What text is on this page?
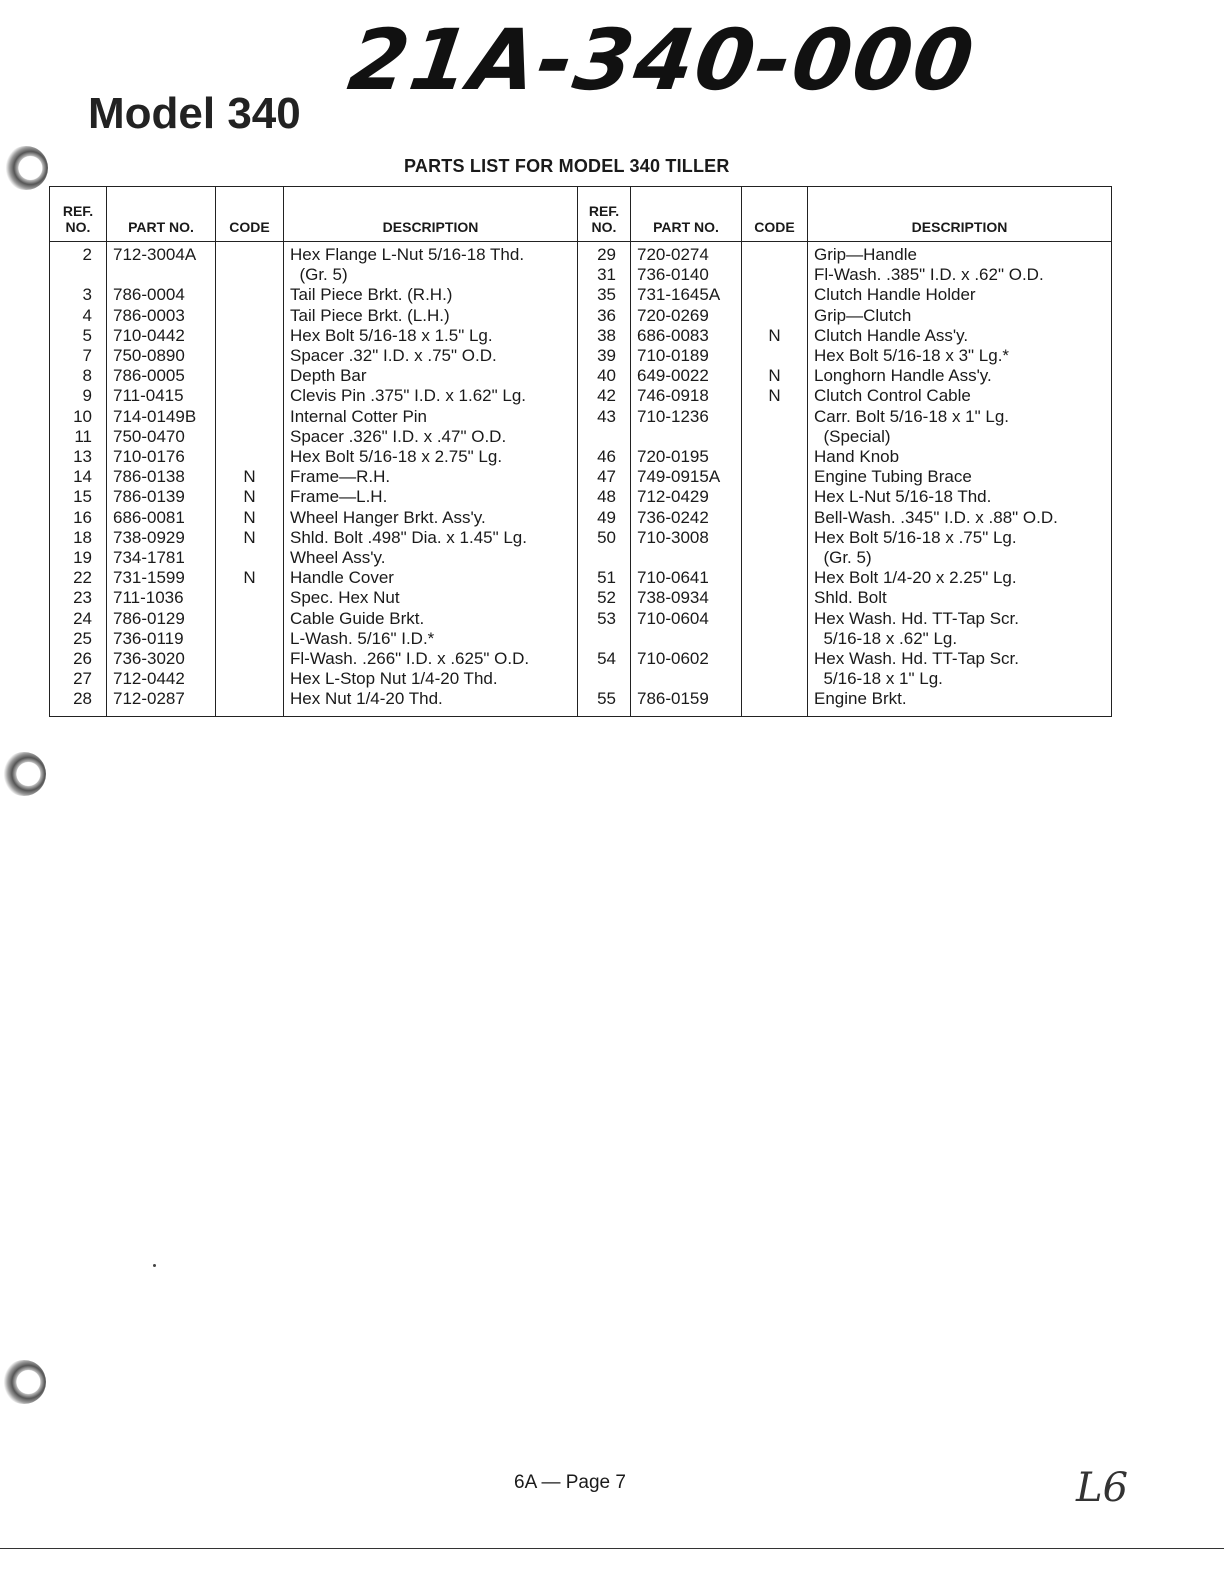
21A-340-000
Model 340
PARTS LIST FOR MODEL 340 TILLER
REF. NO.	PART NO.	CODE	DESCRIPTION	REF. NO.	PART NO.	CODE	DESCRIPTION
2	712-3004A		Hex Flange L-Nut 5/16-18 Thd.	29	720-0274		Grip—Handle
			(Gr. 5)	31	736-0140		Fl-Wash. .385" I.D. x .62" O.D.
3	786-0004		Tail Piece Brkt. (R.H.)	35	731-1645A		Clutch Handle Holder
4	786-0003		Tail Piece Brkt. (L.H.)	36	720-0269		Grip—Clutch
5	710-0442		Hex Bolt 5/16-18 x 1.5" Lg.	38	686-0083	N	Clutch Handle Ass'y.
7	750-0890		Spacer .32" I.D. x .75" O.D.	39	710-0189		Hex Bolt 5/16-18 x 3" Lg.*
8	786-0005		Depth Bar	40	649-0022	N	Longhorn Handle Ass'y.
9	711-0415		Clevis Pin .375" I.D. x 1.62" Lg.	42	746-0918	N	Clutch Control Cable
10	714-0149B		Internal Cotter Pin	43	710-1236		Carr. Bolt 5/16-18 x 1" Lg.
11	750-0470		Spacer .326" I.D. x .47" O.D.				(Special)
13	710-0176		Hex Bolt 5/16-18 x 2.75" Lg.	46	720-0195		Hand Knob
14	786-0138	N	Frame—R.H.	47	749-0915A		Engine Tubing Brace
15	786-0139	N	Frame—L.H.	48	712-0429		Hex L-Nut 5/16-18 Thd.
16	686-0081	N	Wheel Hanger Brkt. Ass'y.	49	736-0242		Bell-Wash. .345" I.D. x .88" O.D.
18	738-0929	N	Shld. Bolt .498" Dia. x 1.45" Lg.	50	710-3008		Hex Bolt 5/16-18 x .75" Lg.
19	734-1781		Wheel Ass'y.				(Gr. 5)
22	731-1599	N	Handle Cover	51	710-0641		Hex Bolt 1/4-20 x 2.25" Lg.
23	711-1036		Spec. Hex Nut	52	738-0934		Shld. Bolt
24	786-0129		Cable Guide Brkt.	53	710-0604		Hex Wash. Hd. TT-Tap Scr.
25	736-0119		L-Wash. 5/16" I.D.*				5/16-18 x .62" Lg.
26	736-3020		Fl-Wash. .266" I.D. x .625" O.D.	54	710-0602		Hex Wash. Hd. TT-Tap Scr.
27	712-0442		Hex L-Stop Nut 1/4-20 Thd.				5/16-18 x 1" Lg.
28	712-0287		Hex Nut 1/4-20 Thd.	55	786-0159		Engine Brkt.
6A — Page 7	L6
